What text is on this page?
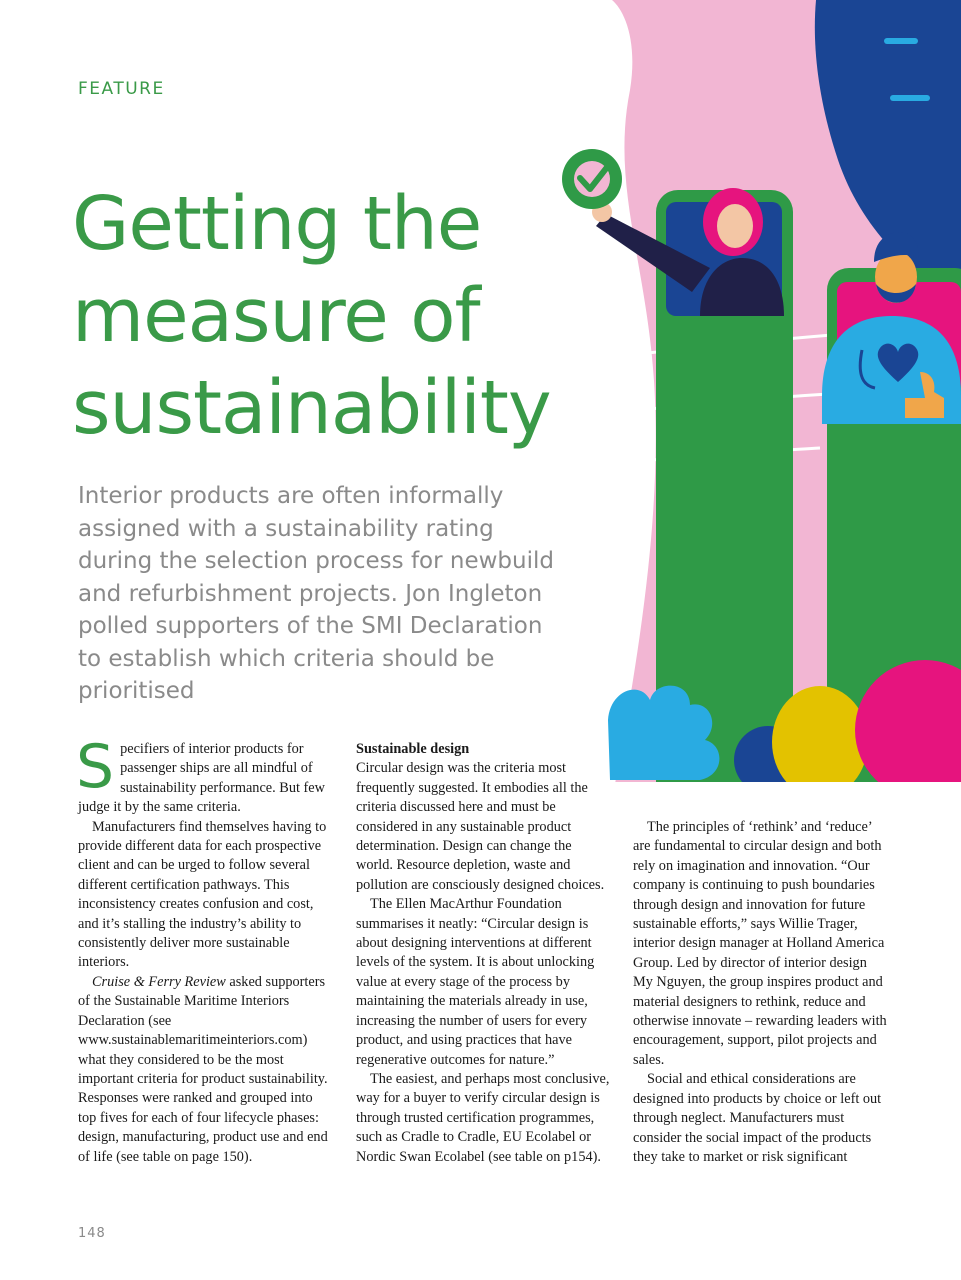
FEATURE
Getting the
measure of
sustainability

Interior products are often informally assigned with a sustainability rating during the selection process for newbuild and refurbishment projects. Jon Ingleton polled supporters of the SMI Declaration to establish which criteria should be prioritised

Specifiers of interior products for passenger ships are all mindful of sustainability performance. But few judge it by the same criteria.

Manufacturers find themselves having to provide different data for each prospective client and can be urged to follow several different certification pathways. This inconsistency creates confusion and cost, and it’s stalling the industry’s ability to consistently deliver more sustainable interiors.

Cruise & Ferry Review asked supporters of the Sustainable Maritime Interiors Declaration (see www.sustainablemaritimeinteriors.com) what they considered to be the most important criteria for product sustainability. Responses were ranked and grouped into top fives for each of four lifecycle phases: design, manufacturing, product use and end of life (see table on page 150).

Sustainable design

Circular design was the criteria most frequently suggested. It embodies all the criteria discussed here and must be considered in any sustainable product determination. Design can change the world. Resource depletion, waste and pollution are consciously designed choices.

The Ellen MacArthur Foundation summarises it neatly: “Circular design is about designing interventions at different levels of the system. It is about unlocking value at every stage of the process by maintaining the materials already in use, increasing the number of users for every product, and using practices that have regenerative outcomes for nature.”

The easiest, and perhaps most conclusive, way for a buyer to verify circular design is through trusted certification programmes, such as Cradle to Cradle, EU Ecolabel or Nordic Swan Ecolabel (see table on p154).

The principles of ‘rethink’ and ‘reduce’ are fundamental to circular design and both rely on imagination and innovation. “Our company is continuing to push boundaries through design and innovation for future sustainable efforts,” says Willie Trager, interior design manager at Holland America Group. Led by director of interior design My Nguyen, the group inspires product and material designers to rethink, reduce and otherwise innovate – rewarding leaders with encouragement, support, pilot projects and sales.

Social and ethical considerations are designed into products by choice or left out through neglect. Manufacturers must consider the social impact of the products they take to market or risk significant

148
